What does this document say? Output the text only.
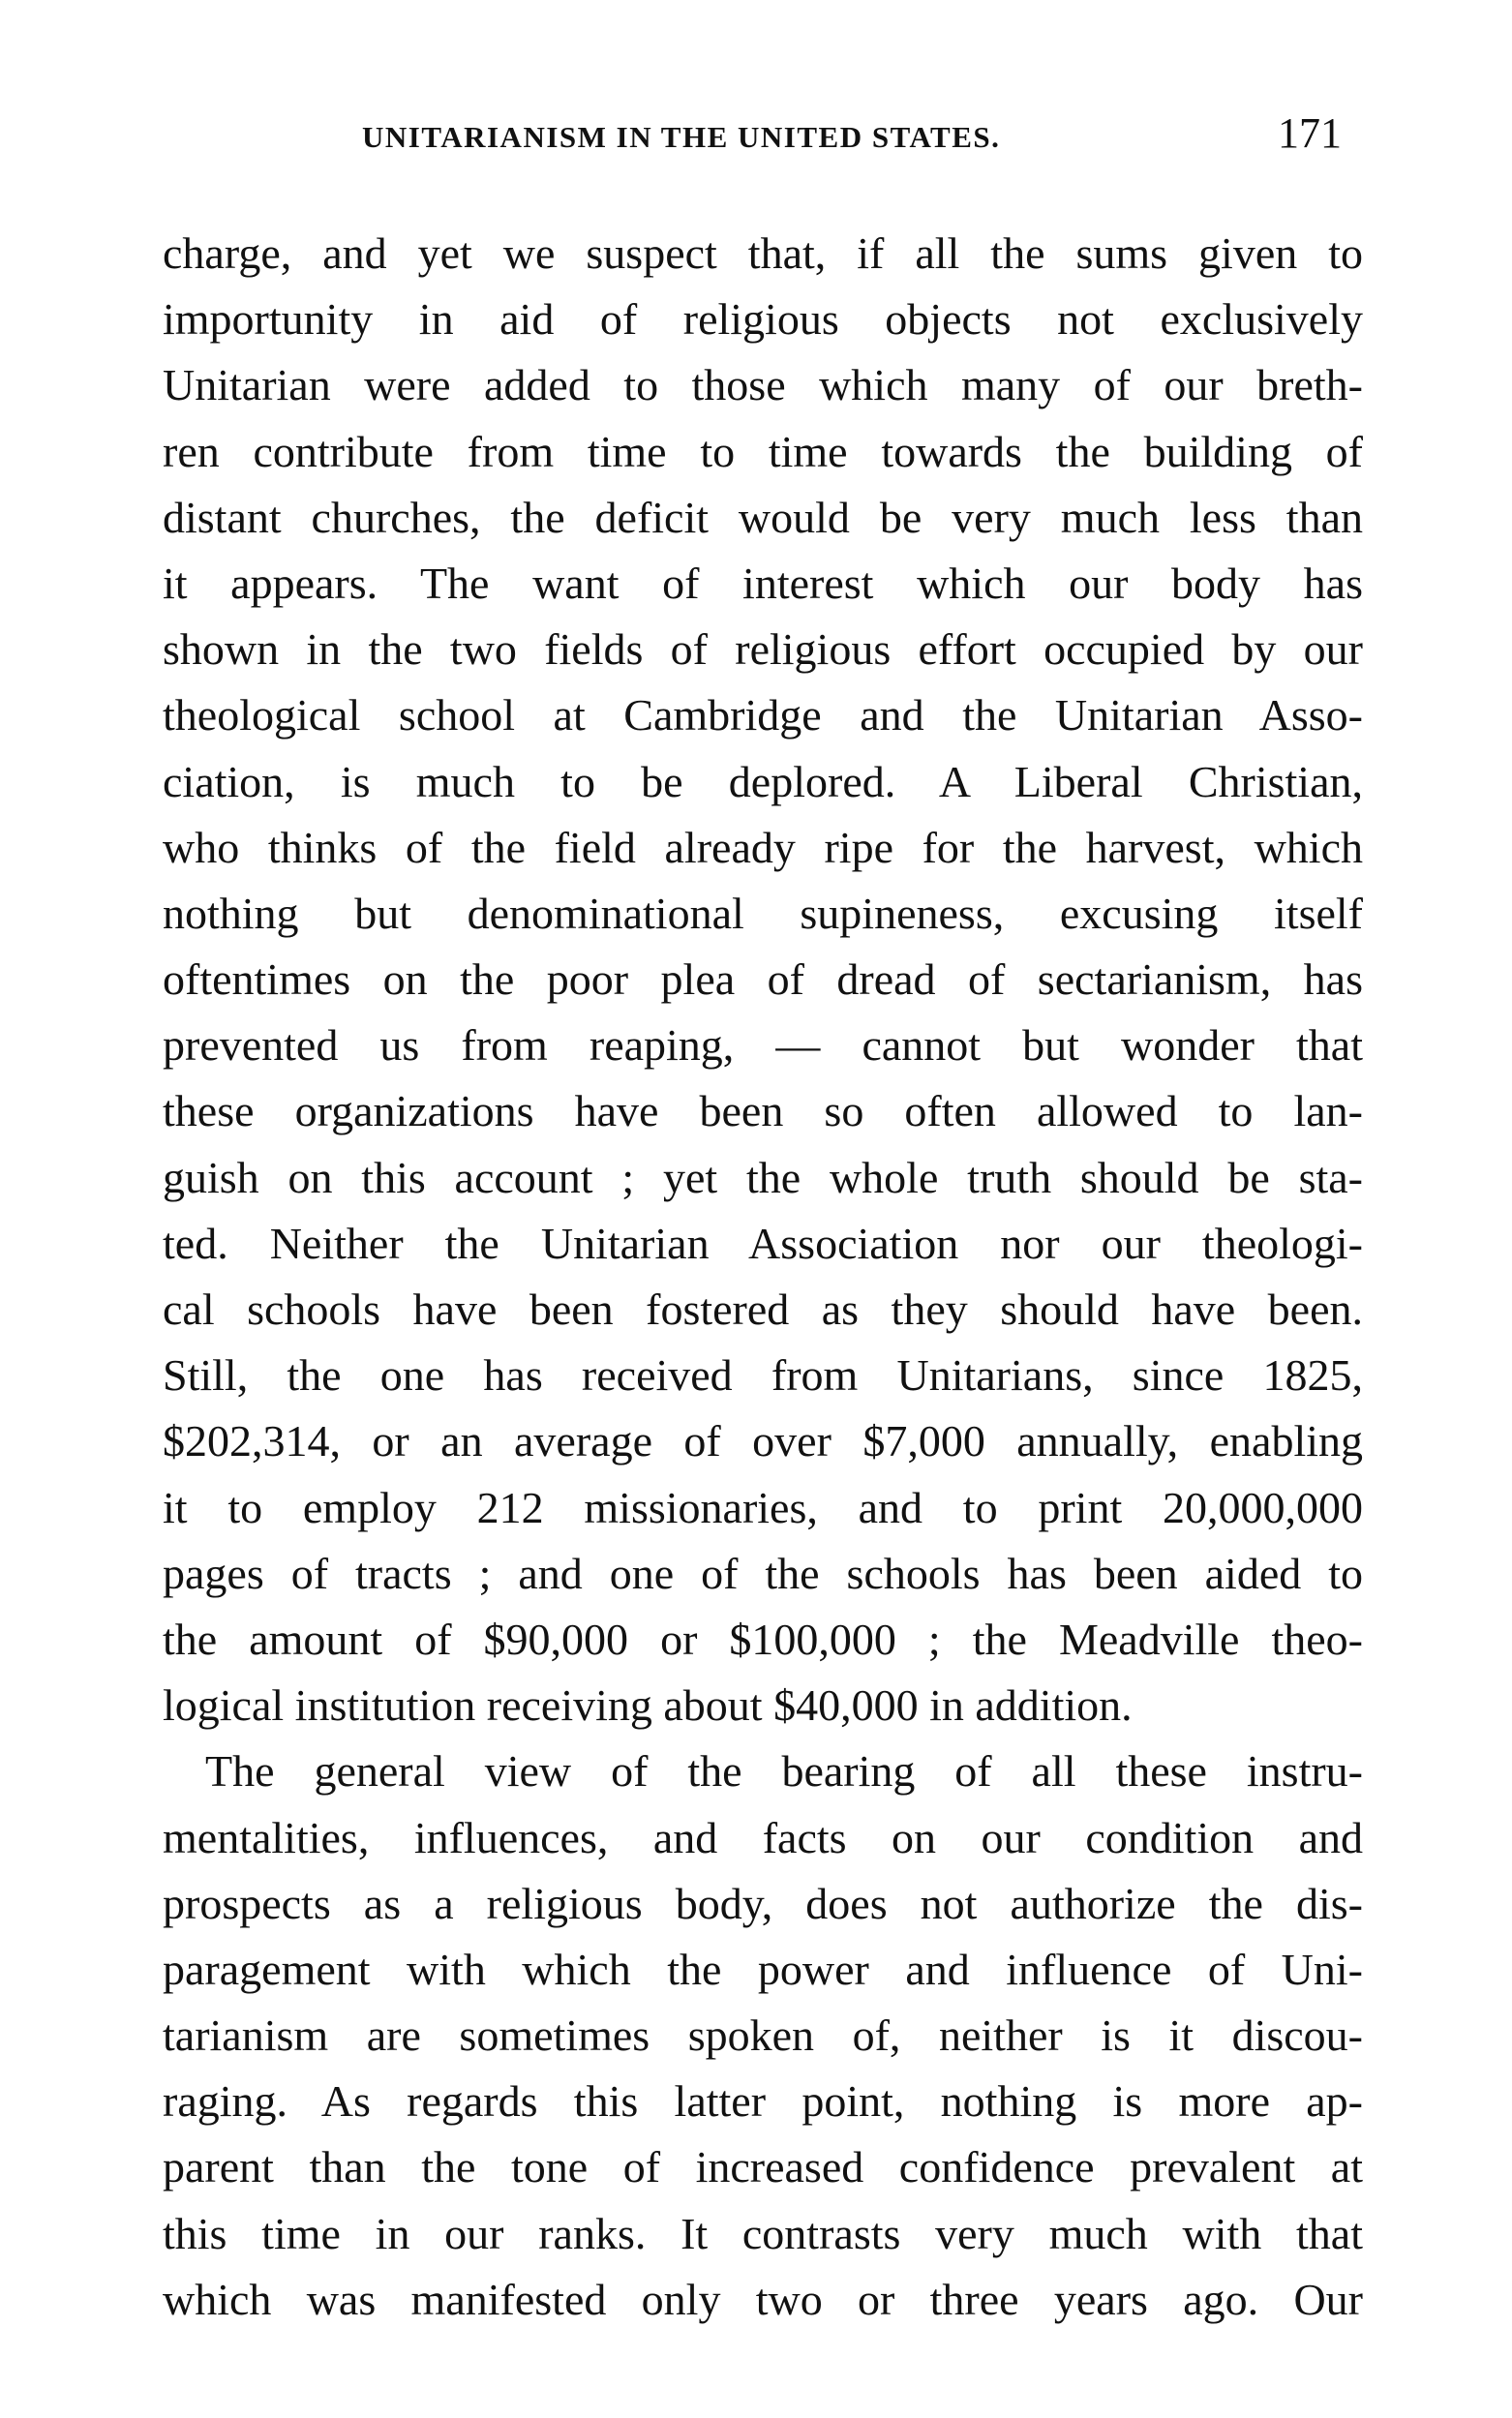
UNITARIANISM IN THE UNITED STATES.	171
charge, and yet we suspect that, if all the sums given to
importunity in aid of religious objects not exclusively
Unitarian were added to those which many of our breth-
ren contribute from time to time towards the building of
distant churches, the deficit would be very much less than
it appears. The want of interest which our body has
shown in the two fields of religious effort occupied by our
theological school at Cambridge and the Unitarian Asso-
ciation, is much to be deplored. A Liberal Christian,
who thinks of the field already ripe for the harvest, which
nothing but denominational supineness, excusing itself
oftentimes on the poor plea of dread of sectarianism, has
prevented us from reaping, — cannot but wonder that
these organizations have been so often allowed to lan-
guish on this account ; yet the whole truth should be sta-
ted. Neither the Unitarian Association nor our theologi-
cal schools have been fostered as they should have been.
Still, the one has received from Unitarians, since 1825,
$202,314, or an average of over $7,000 annually, enabling
it to employ 212 missionaries, and to print 20,000,000
pages of tracts ; and one of the schools has been aided to
the amount of $90,000 or $100,000 ; the Meadville theo-
logical institution receiving about $40,000 in addition.
The general view of the bearing of all these instru-
mentalities, influences, and facts on our condition and
prospects as a religious body, does not authorize the dis-
paragement with which the power and influence of Uni-
tarianism are sometimes spoken of, neither is it discou-
raging. As regards this latter point, nothing is more ap-
parent than the tone of increased confidence prevalent at
this time in our ranks. It contrasts very much with that
which was manifested only two or three years ago. Our
